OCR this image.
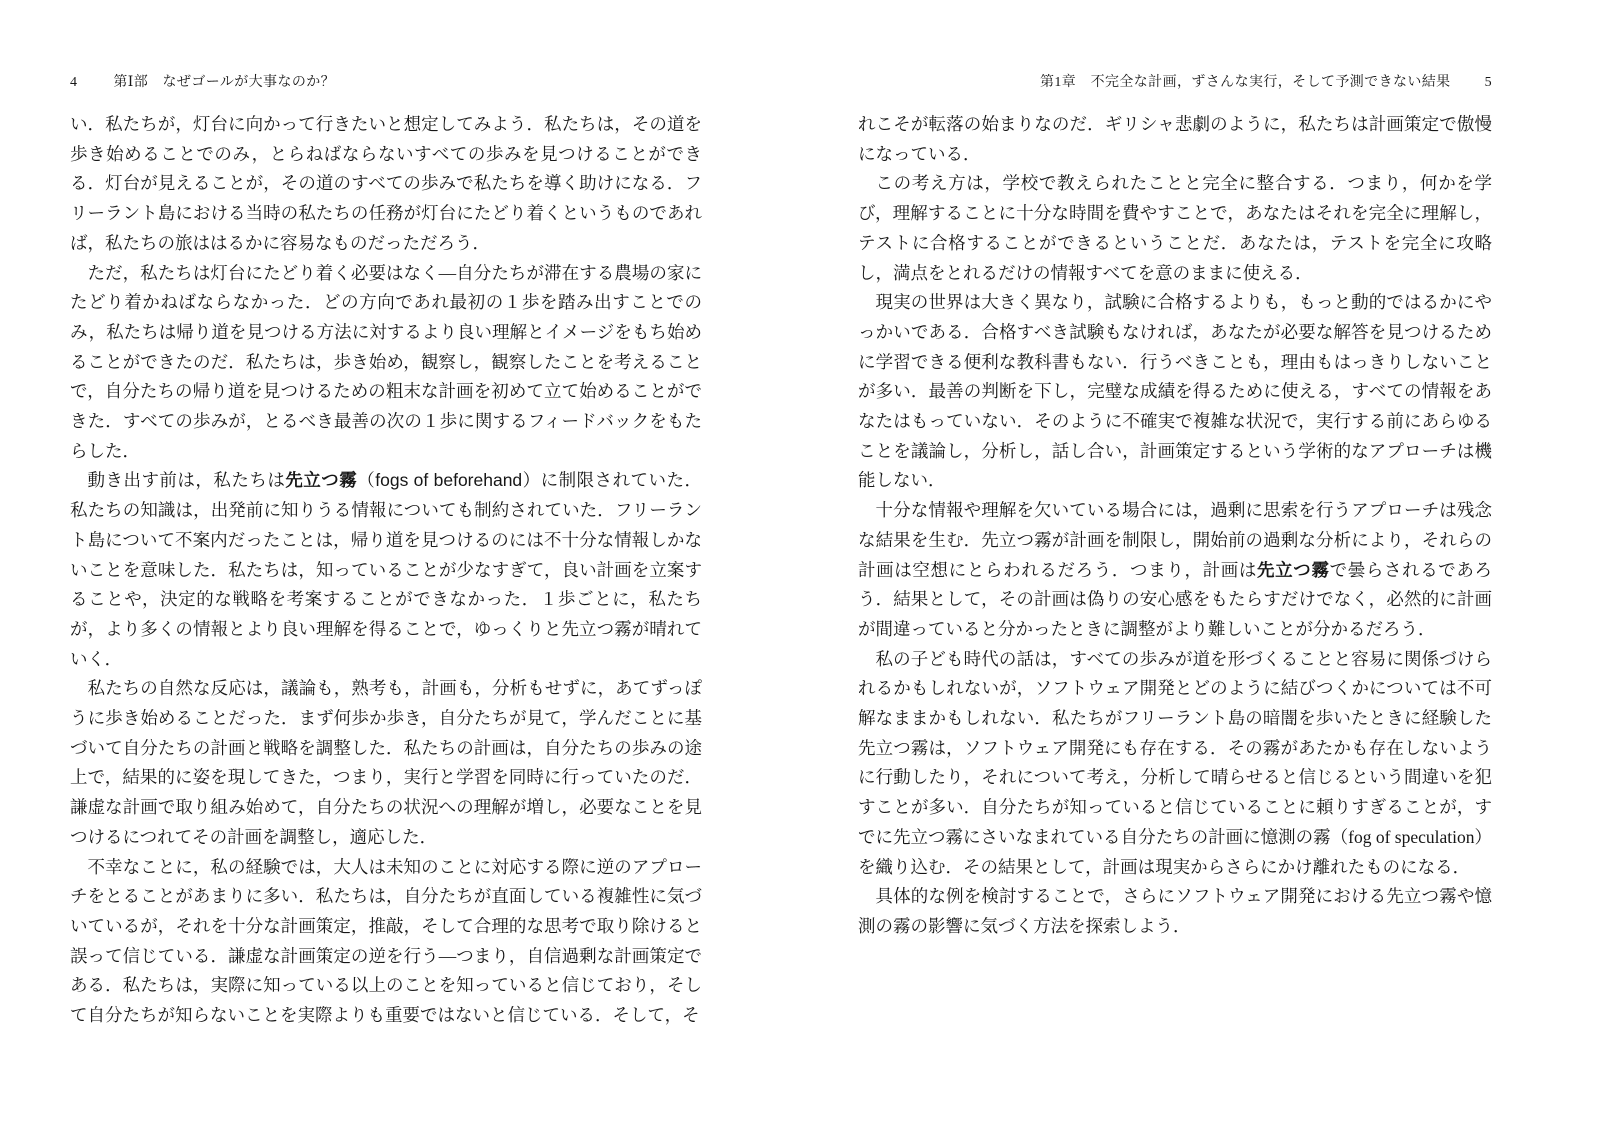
4	第Ⅰ部　なぜゴールが大事なのか？	第1章　不完全な計画，ずさんな実行，そして予測できない結果 5

い．私たちが，灯台に向かって行きたいと想定してみよう．私たちは，その道を歩き始めることでのみ，とらねばならないすべての歩みを見つけることができる．灯台が見えることが，その道のすべての歩みで私たちを導く助けになる．フリーラント島における当時の私たちの任務が灯台にたどり着くというものであれば，私たちの旅ははるかに容易なものだっただろう．

ただ，私たちは灯台にたどり着く必要はなく―自分たちが滞在する農場の家にたどり着かねばならなかった．どの方向であれ最初の１歩を踏み出すことでのみ，私たちは帰り道を見つける方法に対するより良い理解とイメージをもち始めることができたのだ．私たちは，歩き始め，観察し，観察したことを考えることで，自分たちの帰り道を見つけるための粗末な計画を初めて立て始めることができた．すべての歩みが，とるべき最善の次の１歩に関するフィードバックをもたらした．

動き出す前は，私たちは先立つ霧（fogs of beforehand）に制限されていた．私たちの知識は，出発前に知りうる情報についても制約されていた．フリーラント島について不案内だったことは，帰り道を見つけるのには不十分な情報しかないことを意味した．私たちは，知っていることが少なすぎて，良い計画を立案することや，決定的な戦略を考案することができなかった．１歩ごとに，私たちが，より多くの情報とより良い理解を得ることで，ゆっくりと先立つ霧が晴れていく．

私たちの自然な反応は，議論も，熟考も，計画も，分析もせずに，あてずっぽうに歩き始めることだった．まず何歩か歩き，自分たちが見て，学んだことに基づいて自分たちの計画と戦略を調整した．私たちの計画は，自分たちの歩みの途上で，結果的に姿を現してきた，つまり，実行と学習を同時に行っていたのだ．謙虚な計画で取り組み始めて，自分たちの状況への理解が増し，必要なことを見つけるにつれてその計画を調整し，適応した．

不幸なことに，私の経験では，大人は未知のことに対応する際に逆のアプローチをとることがあまりに多い．私たちは，自分たちが直面している複雑性に気づいているが，それを十分な計画策定，推敲，そして合理的な思考で取り除けると誤って信じている．謙虚な計画策定の逆を行う―つまり，自信過剰な計画策定である．私たちは，実際に知っている以上のことを知っていると信じており，そして自分たちが知らないことを実際よりも重要ではないと信じている．そして，そ

れこそが転落の始まりなのだ．ギリシャ悲劇のように，私たちは計画策定で傲慢になっている．

この考え方は，学校で教えられたことと完全に整合する．つまり，何かを学び，理解することに十分な時間を費やすことで，あなたはそれを完全に理解し，テストに合格することができるということだ．あなたは，テストを完全に攻略し，満点をとれるだけの情報すべてを意のままに使える．

現実の世界は大きく異なり，試験に合格するよりも，もっと動的ではるかにやっかいである．合格すべき試験もなければ，あなたが必要な解答を見つけるために学習できる便利な教科書もない．行うべきことも，理由もはっきりしないことが多い．最善の判断を下し，完璧な成績を得るために使える，すべての情報をあなたはもっていない．そのように不確実で複雑な状況で，実行する前にあらゆることを議論し，分析し，話し合い，計画策定するという学術的なアプローチは機能しない．

十分な情報や理解を欠いている場合には，過剰に思索を行うアプローチは残念な結果を生む．先立つ霧が計画を制限し，開始前の過剰な分析により，それらの計画は空想にとらわれるだろう．つまり，計画は先立つ霧で曇らされるであろう．結果として，その計画は偽りの安心感をもたらすだけでなく，必然的に計画が間違っていると分かったときに調整がより難しいことが分かるだろう．

私の子ども時代の話は，すべての歩みが道を形づくることと容易に関係づけられるかもしれないが，ソフトウェア開発とどのように結びつくかについては不可解なままかもしれない．私たちがフリーラント島の暗闇を歩いたときに経験した先立つ霧は，ソフトウェア開発にも存在する．その霧があたかも存在しないように行動したり，それについて考え，分析して晴らせると信じるという間違いを犯すことが多い．自分たちが知っていると信じていることに頼りすぎることが，すでに先立つ霧にさいなまれている自分たちの計画に憶測の霧（fog of speculation）を織り込む．その結果として，計画は現実からさらにかけ離れたものになる．

具体的な例を検討することで，さらにソフトウェア開発における先立つ霧や憶測の霧の影響に気づく方法を探索しよう．
